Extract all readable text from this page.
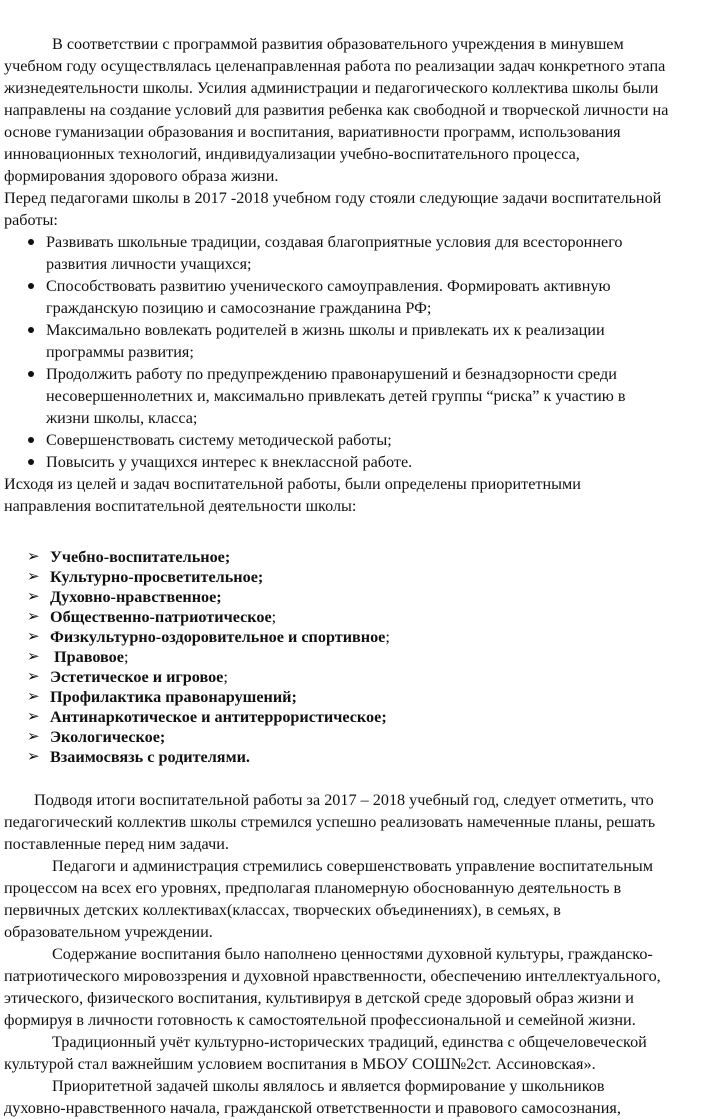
В соответствии с программой развития образовательного учреждения в минувшем
учебном году осуществлялась целенаправленная работа по реализации задач конкретного этапа
жизнедеятельности школы. Усилия администрации и педагогического коллектива школы были
направлены на создание условий для развития ребенка как свободной и творческой личности на
основе гуманизации образования и воспитания, вариативности программ, использования
инновационных технологий, индивидуализации учебно-воспитательного процесса,
формирования здорового образа жизни.
Перед педагогами школы в 2017 -2018 учебном году стояли следующие задачи воспитательной
работы:
Развивать школьные традиции, создавая благоприятные условия для всестороннего
развития личности учащихся;
Способствовать развитию ученического самоуправления. Формировать активную
гражданскую позицию и самосознание гражданина РФ;
Максимально вовлекать родителей в жизнь школы и привлекать их к реализации
программы развития;
Продолжить работу по предупреждению правонарушений и безнадзорности среди
несовершеннолетних и, максимально привлекать детей группы “риска” к участию в
жизни школы, класса;
Совершенствовать систему методической работы;
Повысить у учащихся интерес к внеклассной работе.
Исходя из целей и задач воспитательной работы, были определены приоритетными
направления воспитательной деятельности школы:
➢ Учебно-воспитательное;
➢ Культурно-просветительное;
➢ Духовно-нравственное;
➢ Общественно-патриотическое;
➢ Физкультурно-оздоровительное и спортивное;
➢ Правовое;
➢ Эстетическое и игровое;
➢ Профилактика правонарушений;
➢ Антинаркотическое и антитеррористическое;
➢ Экологическое;
➢ Взаимосвязь с родителями.
Подводя итоги воспитательной работы за 2017 – 2018 учебный год, следует отметить, что
педагогический коллектив школы стремился успешно реализовать намеченные планы, решать
поставленные перед ним задачи.
Педагоги и администрация стремились совершенствовать управление воспитательным
процессом на всех его уровнях, предполагая планомерную обоснованную деятельность в
первичных детских коллективах(классах, творческих объединениях), в семьях, в
образовательном учреждении.
Содержание воспитания было наполнено ценностями духовной культуры, гражданско-
патриотического мировоззрения и духовной нравственности, обеспечению интеллектуального,
этического, физического воспитания, культивируя в детской среде здоровый образ жизни и
формируя в личности готовность к самостоятельной профессиональной и семейной жизни.
Традиционный учёт культурно-исторических традиций, единства с общечеловеческой
культурой стал важнейшим условием воспитания в МБОУ СОШ№2ст. Ассиновская».
Приоритетной задачей школы являлось и является формирование у школьников
духовно-нравственного начала, гражданской ответственности и правового самосознания,
